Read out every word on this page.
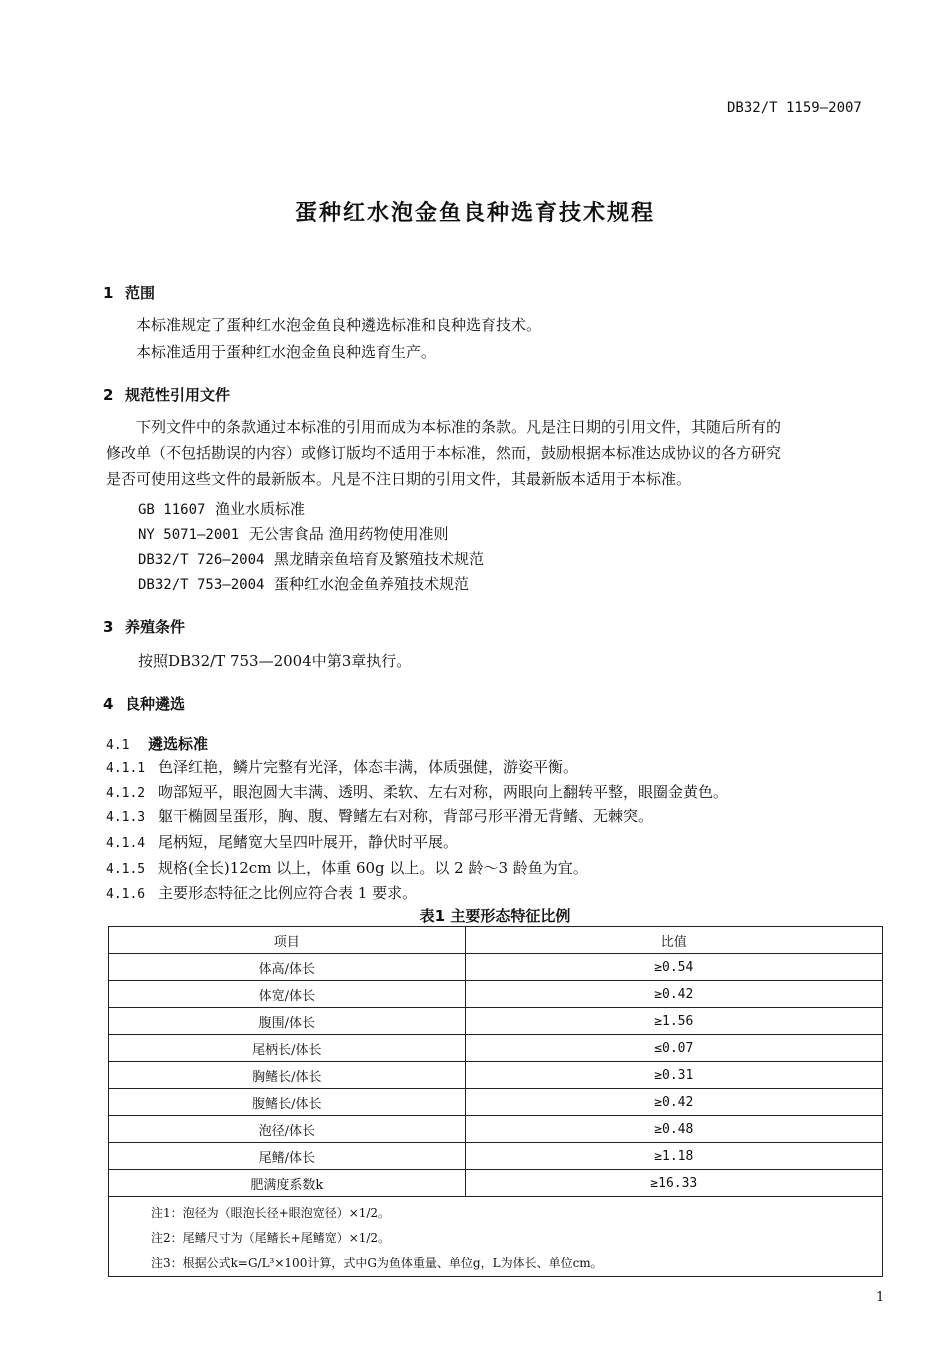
DB32/T 1159—2007
蛋种红水泡金鱼良种选育技术规程
1 范围
本标准规定了蛋种红水泡金鱼良种遴选标准和良种选育技术。
本标准适用于蛋种红水泡金鱼良种选育生产。
2 规范性引用文件
下列文件中的条款通过本标准的引用而成为本标准的条款。凡是注日期的引用文件，其随后所有的
修改单（不包括勘误的内容）或修订版均不适用于本标准，然而，鼓励根据本标准达成协议的各方研究
是否可使用这些文件的最新版本。凡是不注日期的引用文件，其最新版本适用于本标准。
GB 11607 渔业水质标准
NY 5071—2001 无公害食品 渔用药物使用准则
DB32/T 726—2004 黑龙睛亲鱼培育及繁殖技术规范
DB32/T 753—2004 蛋种红水泡金鱼养殖技术规范
3 养殖条件
按照DB32/T 753—2004中第3章执行。
4 良种遴选
4.1 遴选标准
4.1.1 色泽红艳，鳞片完整有光泽，体态丰满，体质强健，游姿平衡。
4.1.2 吻部短平，眼泡圆大丰满、透明、柔软、左右对称，两眼向上翻转平整，眼圈金黄色。
4.1.3 躯干椭圆呈蛋形，胸、腹、臀鳍左右对称，背部弓形平滑无背鳍、无棘突。
4.1.4 尾柄短，尾鳍宽大呈四叶展开，静伏时平展。
4.1.5 规格(全长)12cm 以上，体重 60g 以上。以 2 龄～3 龄鱼为宜。
4.1.6 主要形态特征之比例应符合表 1 要求。
表1 主要形态特征比例
项目	比值
体高/体长	≥0.54
体宽/体长	≥0.42
腹围/体长	≥1.56
尾柄长/体长	≤0.07
胸鳍长/体长	≥0.31
腹鳍长/体长	≥0.42
泡径/体长	≥0.48
尾鳍/体长	≥1.18
肥满度系数k	≥16.33
注1：泡径为（眼泡长径+眼泡宽径）×1/2。
注2：尾鳍尺寸为（尾鳍长+尾鳍宽）×1/2。
注3：根据公式k=G/L³×100计算，式中G为鱼体重量、单位g，L为体长、单位cm。
1
